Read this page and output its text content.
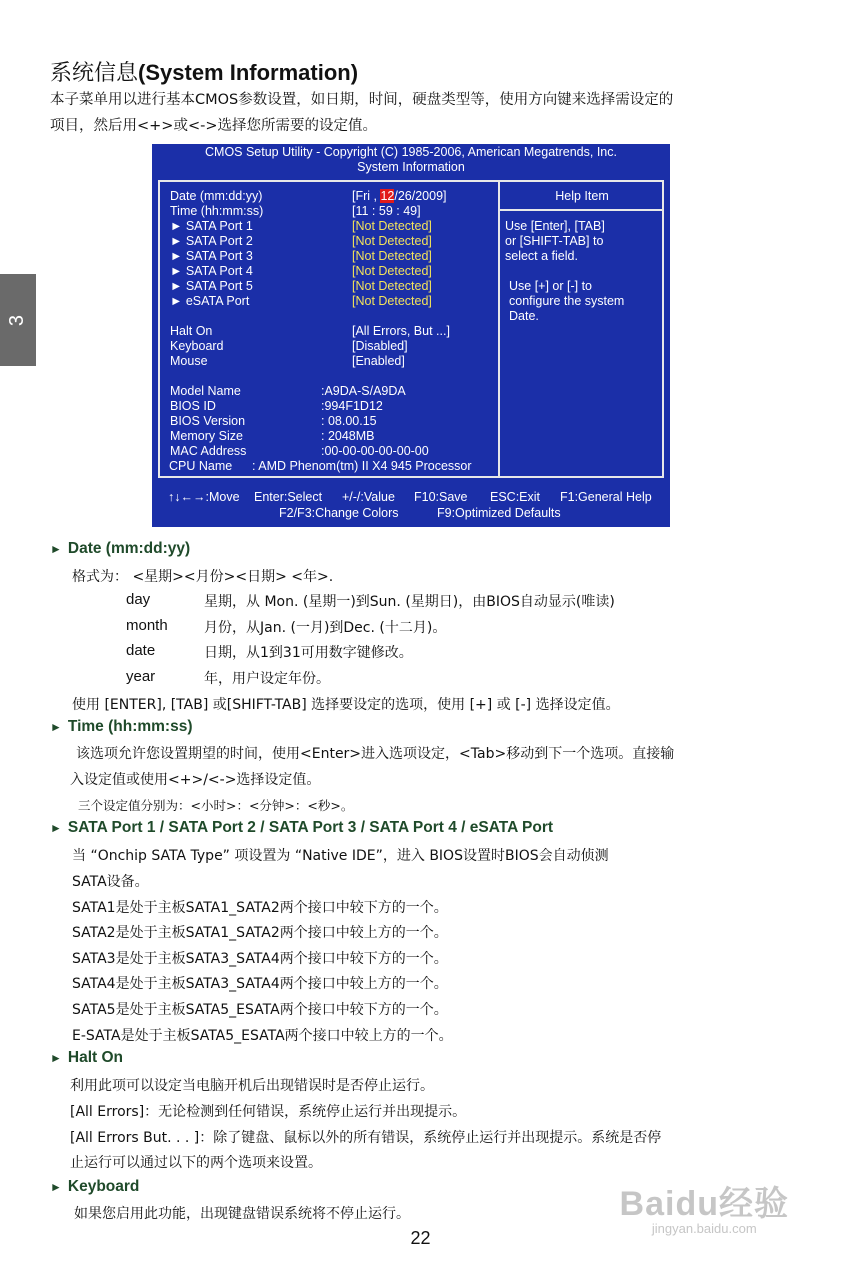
系统信息(System Information)
本子菜单用以进行基本CMOS参数设置，如日期，时间，硬盘类型等，使用方向键来选择需设定的
项目，然后用<+>或<->选择您所需要的设定值。
3
CMOS Setup Utility - Copyright (C) 1985-2006, American Megatrends, Inc.
System Information
Help Item
Use [Enter], [TAB]
or [SHIFT-TAB] to
select a field.
Use [+] or [-] to
configure the system
Date.
Date (mm:dd:yy)	[Fri , 12/26/2009]
Time (hh:mm:ss)	[11 : 59 : 49]
► SATA Port 1	[Not Detected]
► SATA Port 2	[Not Detected]
► SATA Port 3	[Not Detected]
► SATA Port 4	[Not Detected]
► SATA Port 5	[Not Detected]
► eSATA Port	[Not Detected]
Halt On	[All Errors, But ...]
Keyboard	[Disabled]
Mouse	[Enabled]
Model Name	:A9DA-S/A9DA
BIOS ID	:994F1D12
BIOS Version	: 08.00.15
Memory Size	: 2048MB
MAC Address	:00-00-00-00-00-00
CPU Name : AMD Phenom(tm) II X4 945 Processor
↑↓←→:Move Enter:Select +/-/:Value F10:Save ESC:Exit F1:General Help
F2/F3:Change Colors	F9:Optimized Defaults
► Date (mm:dd:yy)
格式为： <星期><月份><日期> <年>.
day	星期，从 Mon. (星期一)到Sun. (星期日)，由BIOS自动显示(唯读)
month	月份，从Jan. (一月)到Dec. (十二月)。
date	日期，从1到31可用数字键修改。
year	年，用户设定年份。
使用 [ENTER], [TAB] 或[SHIFT-TAB] 选择要设定的选项，使用 [+] 或 [-] 选择设定值。
► Time (hh:mm:ss)
该选项允许您设置期望的时间，使用<Enter>进入选项设定，<Tab>移动到下一个选项。直接输
入设定值或使用<+>/<->选择设定值。
三个设定值分别为：<小时>：<分钟>：<秒>。
► SATA Port 1 / SATA Port 2 / SATA Port 3 / SATA Port 4 / eSATA Port
当 “Onchip SATA Type” 项设置为 “Native IDE”，进入 BIOS设置时BIOS会自动侦测
SATA设备。
SATA1是处于主板SATA1_SATA2两个接口中较下方的一个。
SATA2是处于主板SATA1_SATA2两个接口中较上方的一个。
SATA3是处于主板SATA3_SATA4两个接口中较下方的一个。
SATA4是处于主板SATA3_SATA4两个接口中较上方的一个。
SATA5是处于主板SATA5_ESATA两个接口中较下方的一个。
E-SATA是处于主板SATA5_ESATA两个接口中较上方的一个。
► Halt On
利用此项可以设定当电脑开机后出现错误时是否停止运行。
[All Errors]：无论检测到任何错误，系统停止运行并出现提示。
[All Errors But. . . ]：除了键盘、鼠标以外的所有错误，系统停止运行并出现提示。系统是否停
止运行可以通过以下的两个选项来设置。
► Keyboard
如果您启用此功能，出现键盘错误系统将不停止运行。
22
Baidu经验
jingyan.baidu.com
